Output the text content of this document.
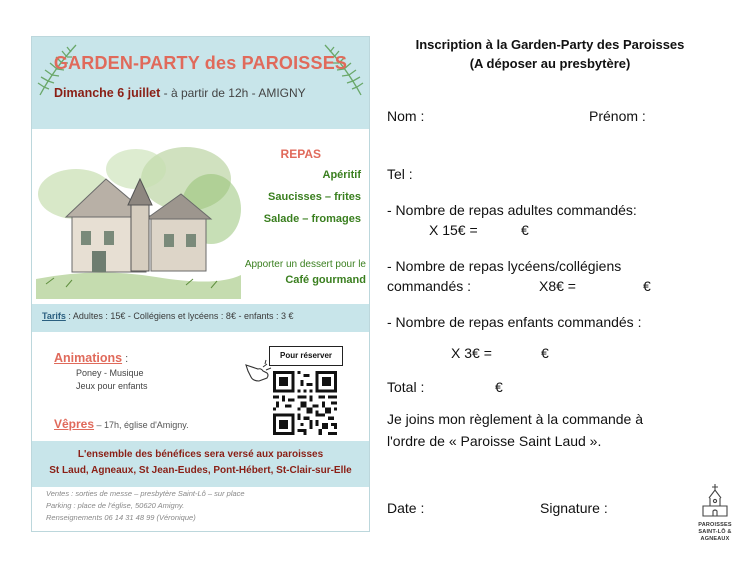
GARDEN-PARTY des PAROISSES
Dimanche 6 juillet - à partir de 12h - AMIGNY
REPAS
Apéritif
Saucisses – frites
Salade – fromages
Apporter un dessert pour le
Café gourmand
Tarifs : Adultes : 15€ - Collégiens et lycéens : 8€ - enfants : 3 €
Animations :
Poney - Musique
Jeux pour enfants
Vêpres – 17h, église d'Amigny.
Pour réserver
L'ensemble des bénéfices sera versé aux paroisses
St Laud, Agneaux, St Jean-Eudes, Pont-Hébert, St-Clair-sur-Elle
Ventes : sorties de messe – presbytère Saint-Lô – sur place
Parking : place de l'église, 50620 Amigny.
Renseignements 06 14 31 48 99 (Véronique)
Inscription à la Garden-Party des Paroisses
(A déposer au presbytère)
Nom :	Prénom :
Tel :
- Nombre de repas adultes commandés:
X 15€ =	€
- Nombre de repas lycéens/collégiens
commandés :	X8€ =	€
- Nombre de repas enfants commandés :
X 3€ =	€
Total :	€
Je joins mon règlement à la commande à
l'ordre de « Paroisse Saint Laud ».
Date :	Signature :
PAROISSES
SAINT-LÔ & AGNEAUX
